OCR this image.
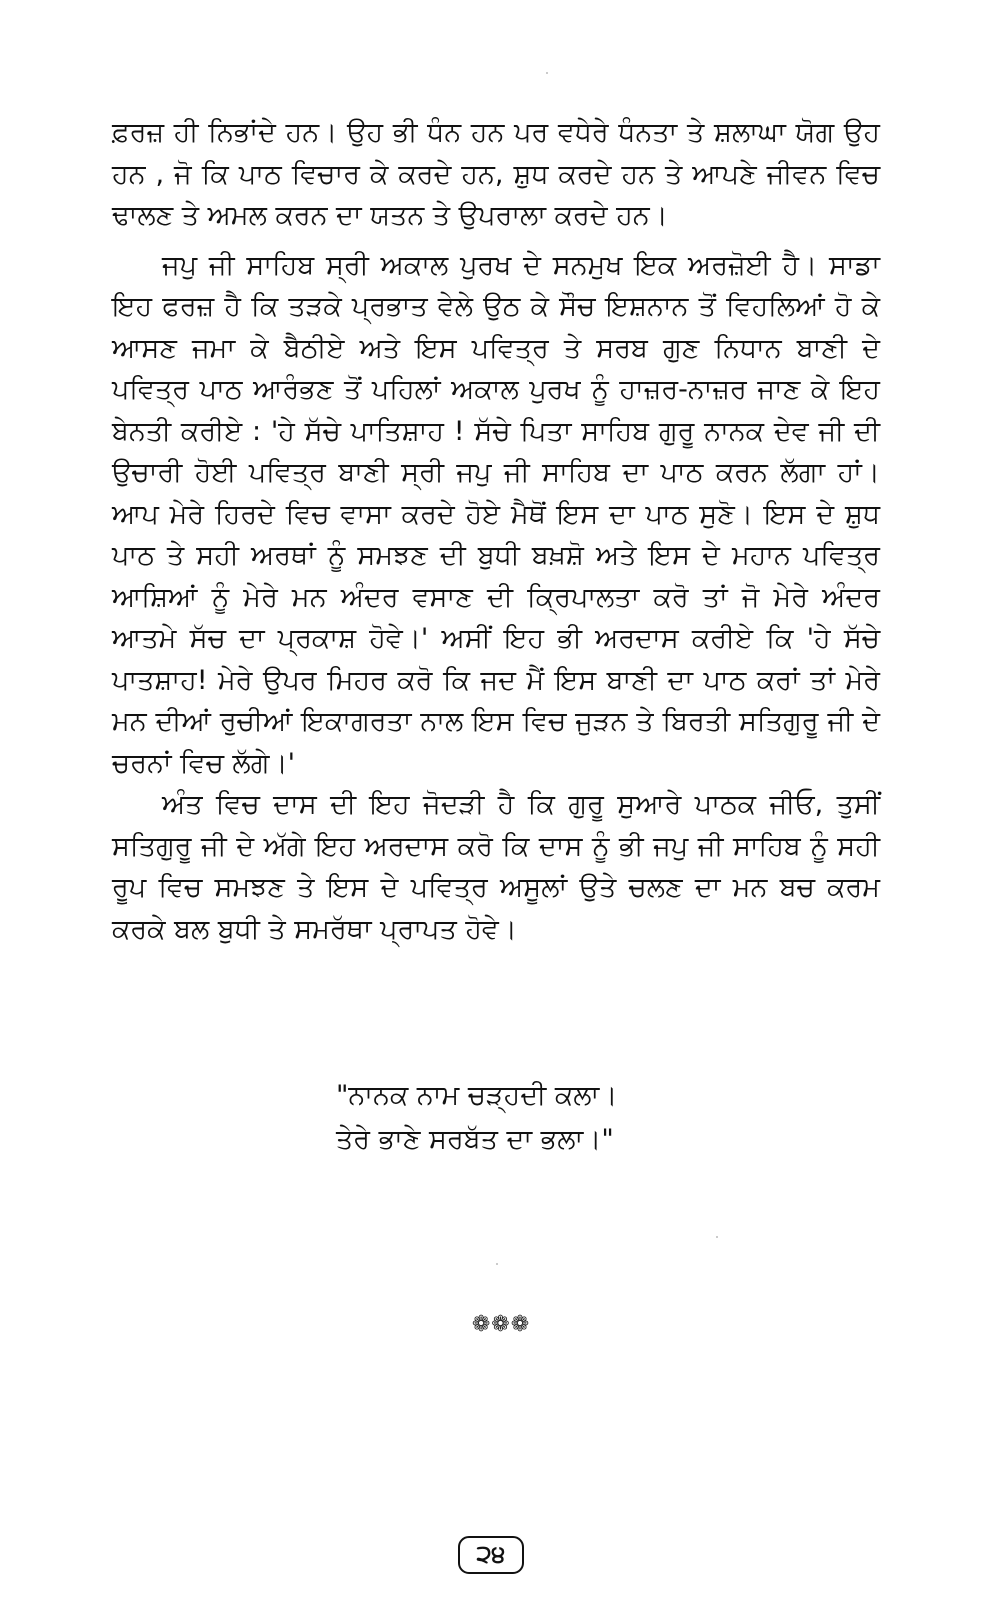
ਫ਼ਰਜ਼ ਹੀ ਨਿਭਾਂਦੇ ਹਨ। ਉਹ ਭੀ ਧੰਨ ਹਨ ਪਰ ਵਧੇਰੇ ਧੰਨਤਾ ਤੇ ਸ਼ਲਾਘਾ ਯੋਗ ਉਹ ਹਨ , ਜੋ ਕਿ ਪਾਠ ਵਿਚਾਰ ਕੇ ਕਰਦੇ ਹਨ, ਸ਼ੁਧ ਕਰਦੇ ਹਨ ਤੇ ਆਪਣੇ ਜੀਵਨ ਵਿਚ ਢਾਲਣ ਤੇ ਅਮਲ ਕਰਨ ਦਾ ਯਤਨ ਤੇ ਉਪਰਾਲਾ ਕਰਦੇ ਹਨ।

ਜਪੁ ਜੀ ਸਾਹਿਬ ਸ੍ਰੀ ਅਕਾਲ ਪੁਰਖ ਦੇ ਸਨਮੁਖ ਇਕ ਅਰਜ਼ੋਈ ਹੈ। ਸਾਡਾ ਇਹ ਫਰਜ਼ ਹੈ ਕਿ ਤੜਕੇ ਪ੍ਰਭਾਤ ਵੇਲੇ ਉਠ ਕੇ ਸੌਚ ਇਸ਼ਨਾਨ ਤੋਂ ਵਿਹਲਿਆਂ ਹੋ ਕੇ ਆਸਣ ਜਮਾ ਕੇ ਬੈਠੀਏ ਅਤੇ ਇਸ ਪਵਿਤ੍ਰ ਤੇ ਸਰਬ ਗੁਣ ਨਿਧਾਨ ਬਾਣੀ ਦੇ ਪਵਿਤ੍ਰ ਪਾਠ ਆਰੰਭਣ ਤੋਂ ਪਹਿਲਾਂ ਅਕਾਲ ਪੁਰਖ ਨੂੰ ਹਾਜ਼ਰ-ਨਾਜ਼ਰ ਜਾਣ ਕੇ ਇਹ ਬੇਨਤੀ ਕਰੀਏ : 'ਹੇ ਸੱਚੇ ਪਾਤਿਸ਼ਾਹ ! ਸੱਚੇ ਪਿਤਾ ਸਾਹਿਬ ਗੁਰੂ ਨਾਨਕ ਦੇਵ ਜੀ ਦੀ ਉਚਾਰੀ ਹੋਈ ਪਵਿਤ੍ਰ ਬਾਣੀ ਸ੍ਰੀ ਜਪੁ ਜੀ ਸਾਹਿਬ ਦਾ ਪਾਠ ਕਰਨ ਲੱਗਾ ਹਾਂ। ਆਪ ਮੇਰੇ ਹਿਰਦੇ ਵਿਚ ਵਾਸਾ ਕਰਦੇ ਹੋਏ ਮੈਥੋਂ ਇਸ ਦਾ ਪਾਠ ਸੁਣੋ। ਇਸ ਦੇ ਸ਼ੁਧ ਪਾਠ ਤੇ ਸਹੀ ਅਰਥਾਂ ਨੂੰ ਸਮਝਣ ਦੀ ਬੁਧੀ ਬਖ਼ਸ਼ੋ ਅਤੇ ਇਸ ਦੇ ਮਹਾਨ ਪਵਿਤ੍ਰ ਆਸ਼ਿਆਂ ਨੂੰ ਮੇਰੇ ਮਨ ਅੰਦਰ ਵਸਾਣ ਦੀ ਕ੍ਰਿਪਾਲਤਾ ਕਰੋ ਤਾਂ ਜੋ ਮੇਰੇ ਅੰਦਰ ਆਤਮੇ ਸੱਚ ਦਾ ਪ੍ਰਕਾਸ਼ ਹੋਵੇ।' ਅਸੀਂ ਇਹ ਭੀ ਅਰਦਾਸ ਕਰੀਏ ਕਿ 'ਹੇ ਸੱਚੇ ਪਾਤਸ਼ਾਹ! ਮੇਰੇ ਉਪਰ ਮਿਹਰ ਕਰੋ ਕਿ ਜਦ ਮੈਂ ਇਸ ਬਾਣੀ ਦਾ ਪਾਠ ਕਰਾਂ ਤਾਂ ਮੇਰੇ ਮਨ ਦੀਆਂ ਰੁਚੀਆਂ ਇਕਾਗਰਤਾ ਨਾਲ ਇਸ ਵਿਚ ਜੁੜਨ ਤੇ ਬਿਰਤੀ ਸਤਿਗੁਰੂ ਜੀ ਦੇ ਚਰਨਾਂ ਵਿਚ ਲੱਗੇ।'

ਅੰਤ ਵਿਚ ਦਾਸ ਦੀ ਇਹ ਜੋਦੜੀ ਹੈ ਕਿ ਗੁਰੂ ਸੁਆਰੇ ਪਾਠਕ ਜੀਓ, ਤੁਸੀਂ ਸਤਿਗੁਰੂ ਜੀ ਦੇ ਅੱਗੇ ਇਹ ਅਰਦਾਸ ਕਰੋ ਕਿ ਦਾਸ ਨੂੰ ਭੀ ਜਪੁ ਜੀ ਸਾਹਿਬ ਨੂੰ ਸਹੀ ਰੂਪ ਵਿਚ ਸਮਝਣ ਤੇ ਇਸ ਦੇ ਪਵਿਤ੍ਰ ਅਸੂਲਾਂ ਉਤੇ ਚਲਣ ਦਾ ਮਨ ਬਚ ਕਰਮ ਕਰਕੇ ਬਲ ਬੁਧੀ ਤੇ ਸਮਰੱਥਾ ਪ੍ਰਾਪਤ ਹੋਵੇ।

"ਨਾਨਕ ਨਾਮ ਚੜ੍ਹਦੀ ਕਲਾ।
ਤੇਰੇ ਭਾਣੇ ਸਰਬੱਤ ਦਾ ਭਲਾ।"
❁❁❁
੨੪
